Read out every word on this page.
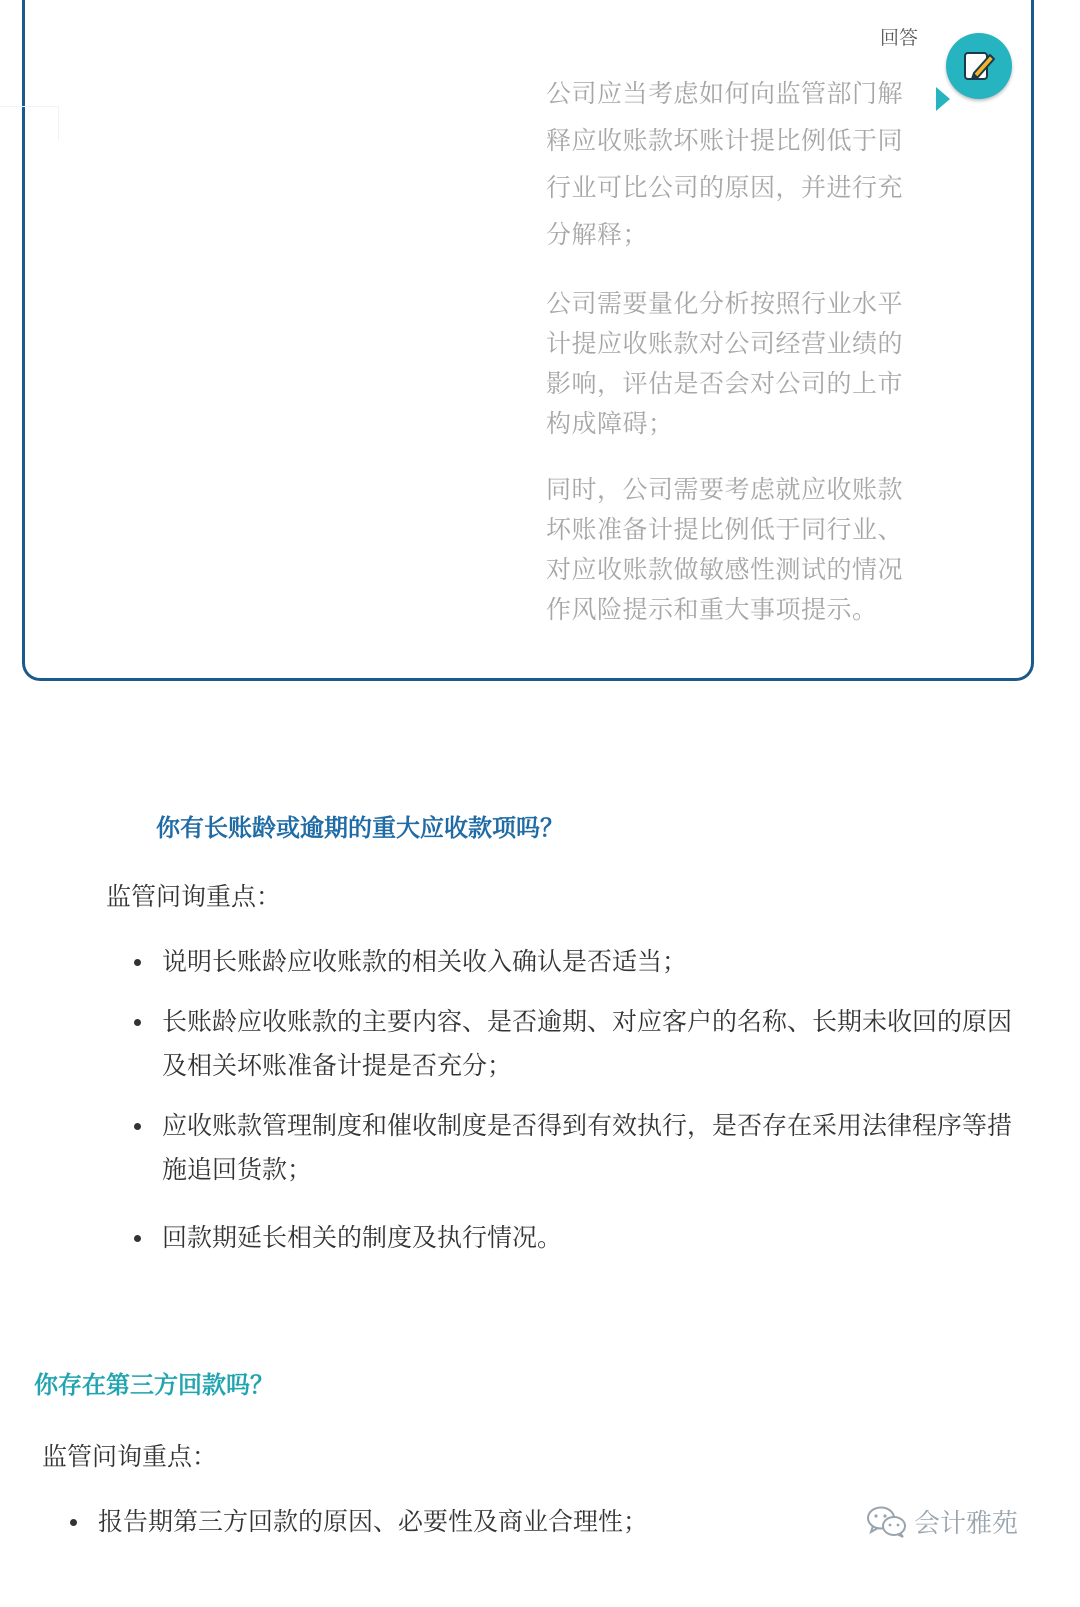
回答

公司应当考虑如何向监管部门解释应收账款坏账计提比例低于同行业可比公司的原因，并进行充分解释；

公司需要量化分析按照行业水平计提应收账款对公司经营业绩的影响，评估是否会对公司的上市构成障碍；

同时，公司需要考虑就应收账款坏账准备计提比例低于同行业、对应收账款做敏感性测试的情况作风险提示和重大事项提示。

你有长账龄或逾期的重大应收款项吗？
监管问询重点：
说明长账龄应收账款的相关收入确认是否适当；
长账龄应收账款的主要内容、是否逾期、对应客户的名称、长期未收回的原因及相关坏账准备计提是否充分；
应收账款管理制度和催收制度是否得到有效执行，是否存在采用法律程序等措施追回货款；
回款期延长相关的制度及执行情况。
你存在第三方回款吗？
监管问询重点：
报告期第三方回款的原因、必要性及商业合理性；	会计雅苑
